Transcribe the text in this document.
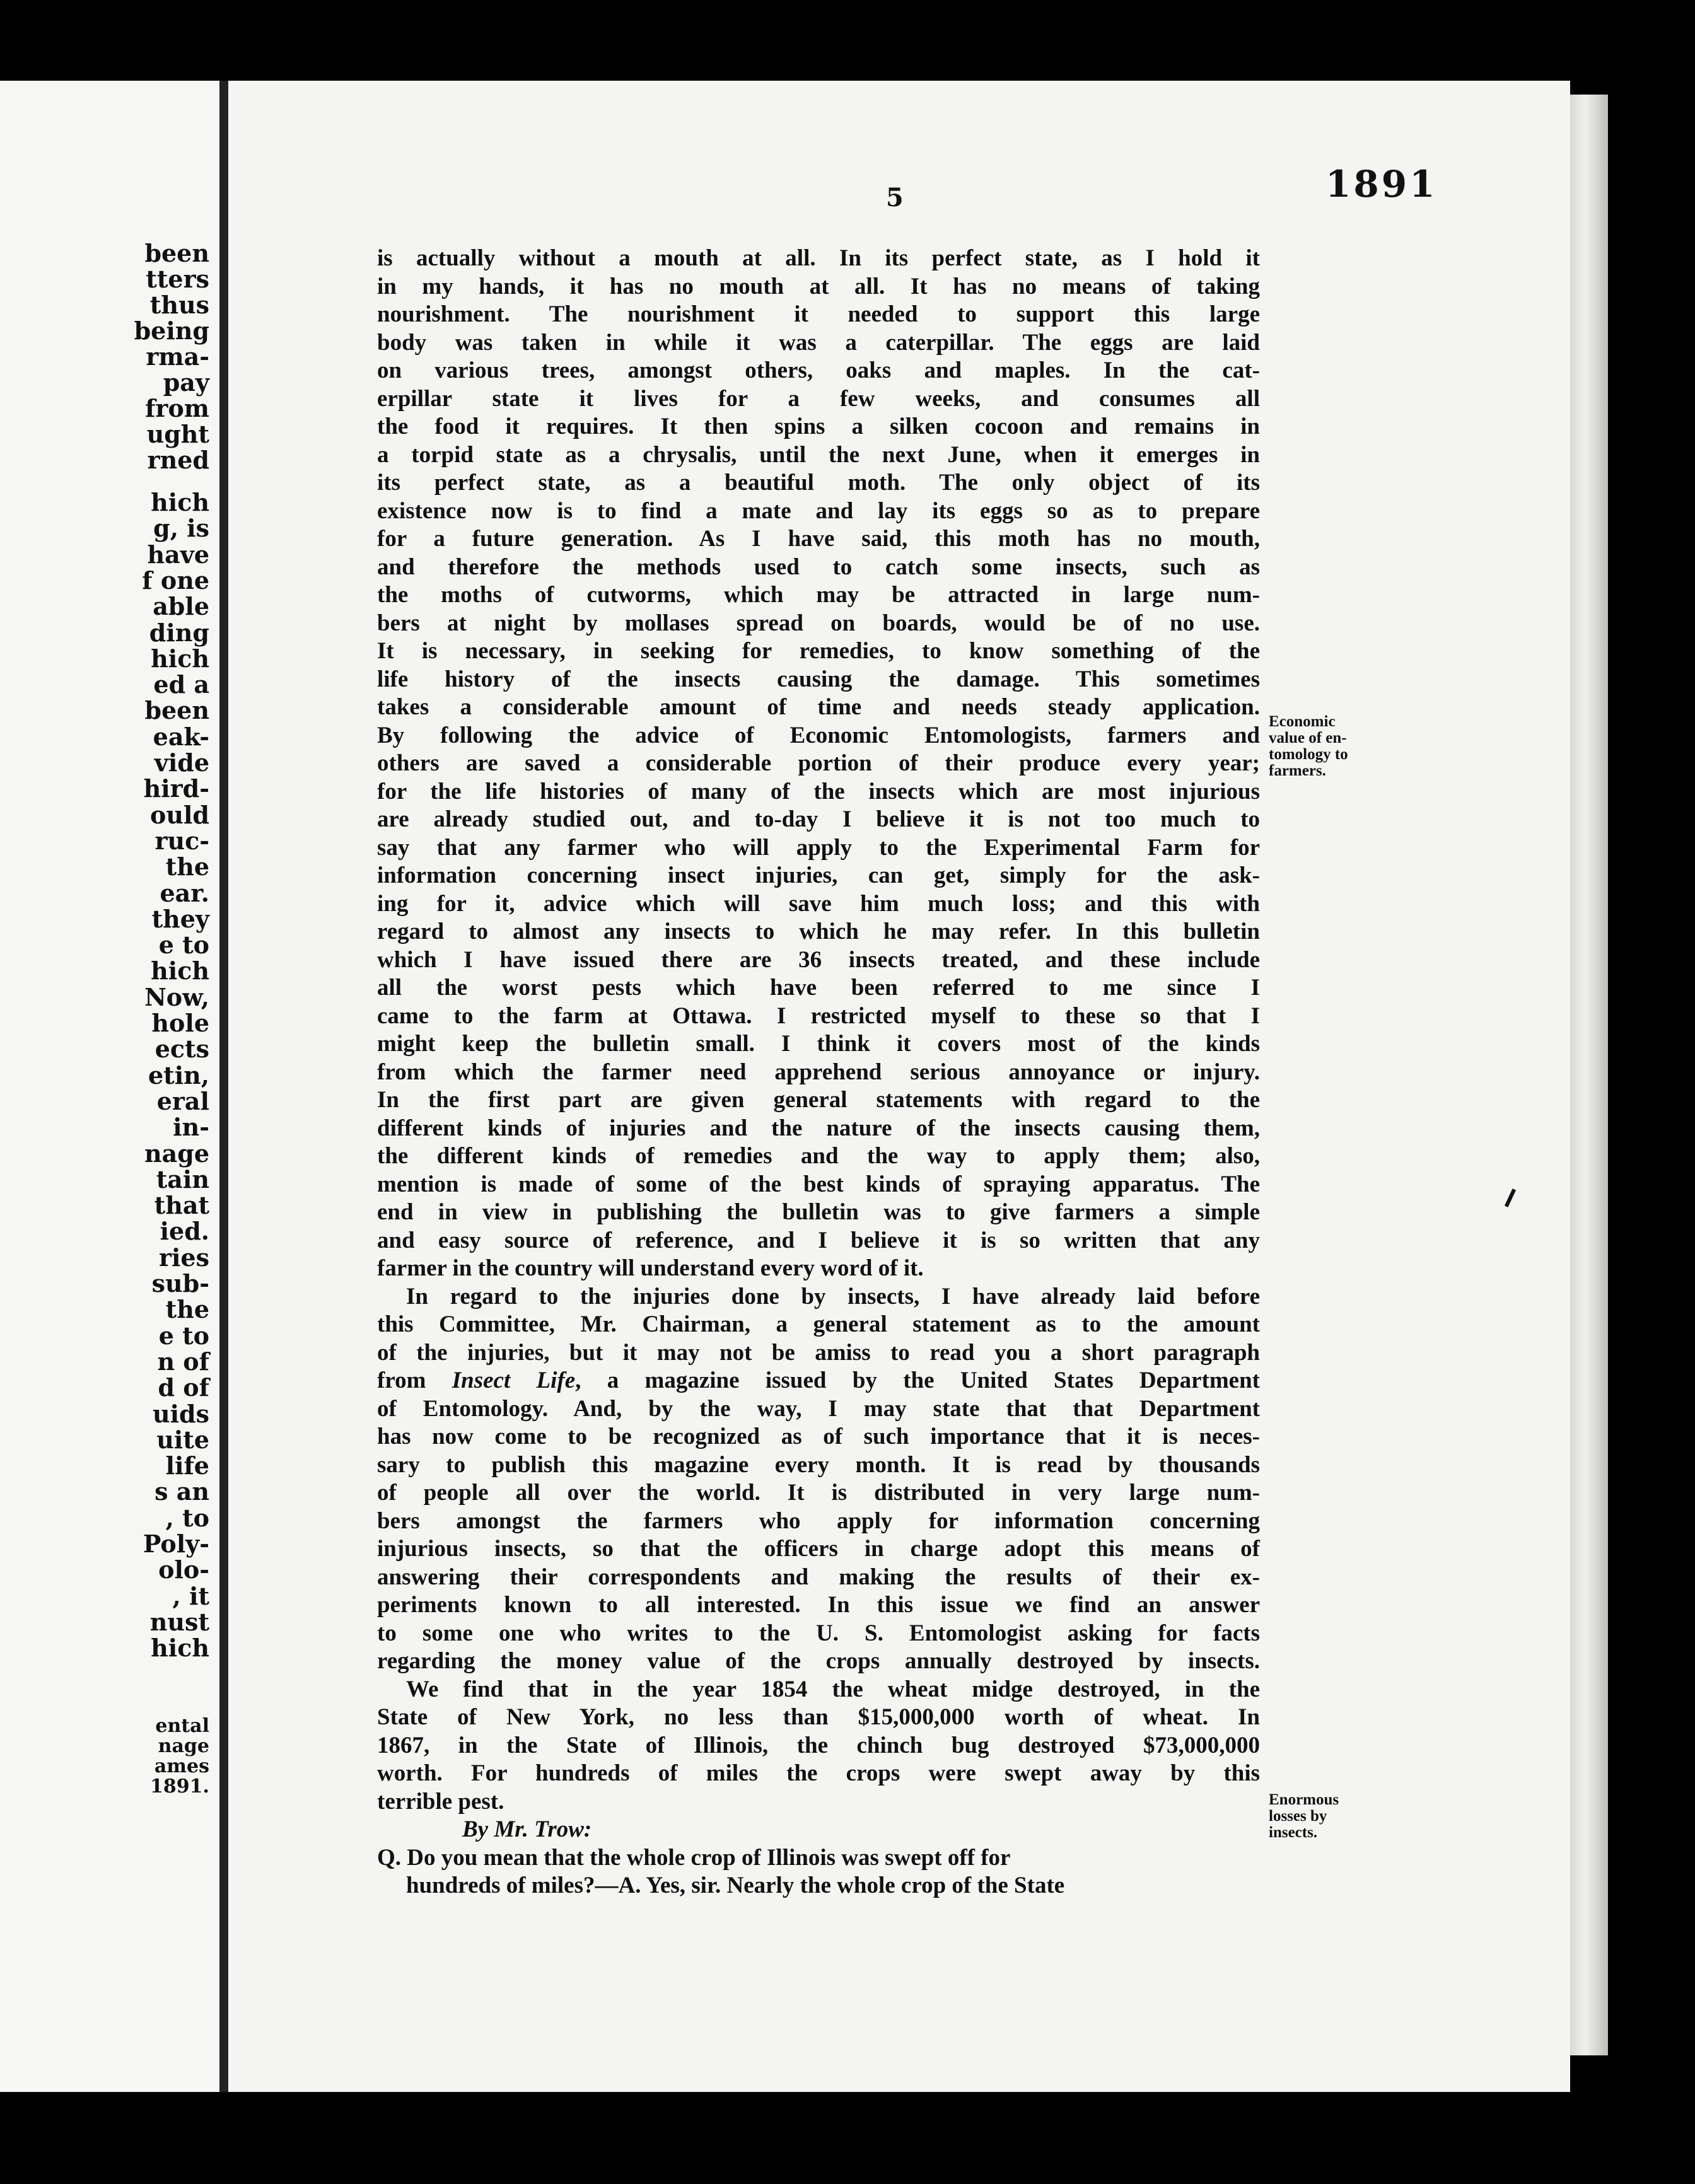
been
tters
thus
being
rma-
pay
from
ught
rned
hich
g, is
have
f one
able
ding
hich
ed a
been
eak-
vide
hird-
ould
ruc-
the
ear.
they
e to
hich
Now,
hole
ects
etin,
eral
in-
nage
tain
that
ied.
ries
sub-
the
e to
n of
d of
uids
uite
life
s an
, to
Poly-
olo-
, it
nust
hich
ental
nage
ames
1891.
5	1891
is actually without a mouth at all. In its perfect state, as I hold it
in my hands, it has no mouth at all. It has no means of taking
nourishment. The nourishment it needed to support this large
body was taken in while it was a caterpillar. The eggs are laid
on various trees, amongst others, oaks and maples. In the cat-
erpillar state it lives for a few weeks, and consumes all
the food it requires. It then spins a silken cocoon and remains in
a torpid state as a chrysalis, until the next June, when it emerges in
its perfect state, as a beautiful moth. The only object of its
existence now is to find a mate and lay its eggs so as to prepare
for a future generation. As I have said, this moth has no mouth,
and therefore the methods used to catch some insects, such as
the moths of cutworms, which may be attracted in large num-
bers at night by mollases spread on boards, would be of no use.
It is necessary, in seeking for remedies, to know something of the
life history of the insects causing the damage. This sometimes
takes a considerable amount of time and needs steady application.
By following the advice of Economic Entomologists, farmers and
others are saved a considerable portion of their produce every year;
for the life histories of many of the insects which are most injurious
are already studied out, and to-day I believe it is not too much to
say that any farmer who will apply to the Experimental Farm for
information concerning insect injuries, can get, simply for the ask-
ing for it, advice which will save him much loss; and this with
regard to almost any insects to which he may refer. In this bulletin
which I have issued there are 36 insects treated, and these include
all the worst pests which have been referred to me since I
came to the farm at Ottawa. I restricted myself to these so that I
might keep the bulletin small. I think it covers most of the kinds
from which the farmer need apprehend serious annoyance or injury.
In the first part are given general statements with regard to the
different kinds of injuries and the nature of the insects causing them,
the different kinds of remedies and the way to apply them; also,
mention is made of some of the best kinds of spraying apparatus. The
end in view in publishing the bulletin was to give farmers a simple
and easy source of reference, and I believe it is so written that any
farmer in the country will understand every word of it.
In regard to the injuries done by insects, I have already laid before
this Committee, Mr. Chairman, a general statement as to the amount
of the injuries, but it may not be amiss to read you a short paragraph
from Insect Life, a magazine issued by the United States Department
of Entomology. And, by the way, I may state that that Department
has now come to be recognized as of such importance that it is neces-
sary to publish this magazine every month. It is read by thousands
of people all over the world. It is distributed in very large num-
bers amongst the farmers who apply for information concerning
injurious insects, so that the officers in charge adopt this means of
answering their correspondents and making the results of their ex-
periments known to all interested. In this issue we find an answer
to some one who writes to the U. S. Entomologist asking for facts
regarding the money value of the crops annually destroyed by insects.
We find that in the year 1854 the wheat midge destroyed, in the
State of New York, no less than $15,000,000 worth of wheat. In
1867, in the State of Illinois, the chinch bug destroyed $73,000,000
worth. For hundreds of miles the crops were swept away by this
terrible pest.
By Mr. Trow:
Q. Do you mean that the whole crop of Illinois was swept off for
hundreds of miles?—A. Yes, sir. Nearly the whole crop of the State
Economic
value of en-
tomology to
farmers.
Enormous
losses by
insects.
